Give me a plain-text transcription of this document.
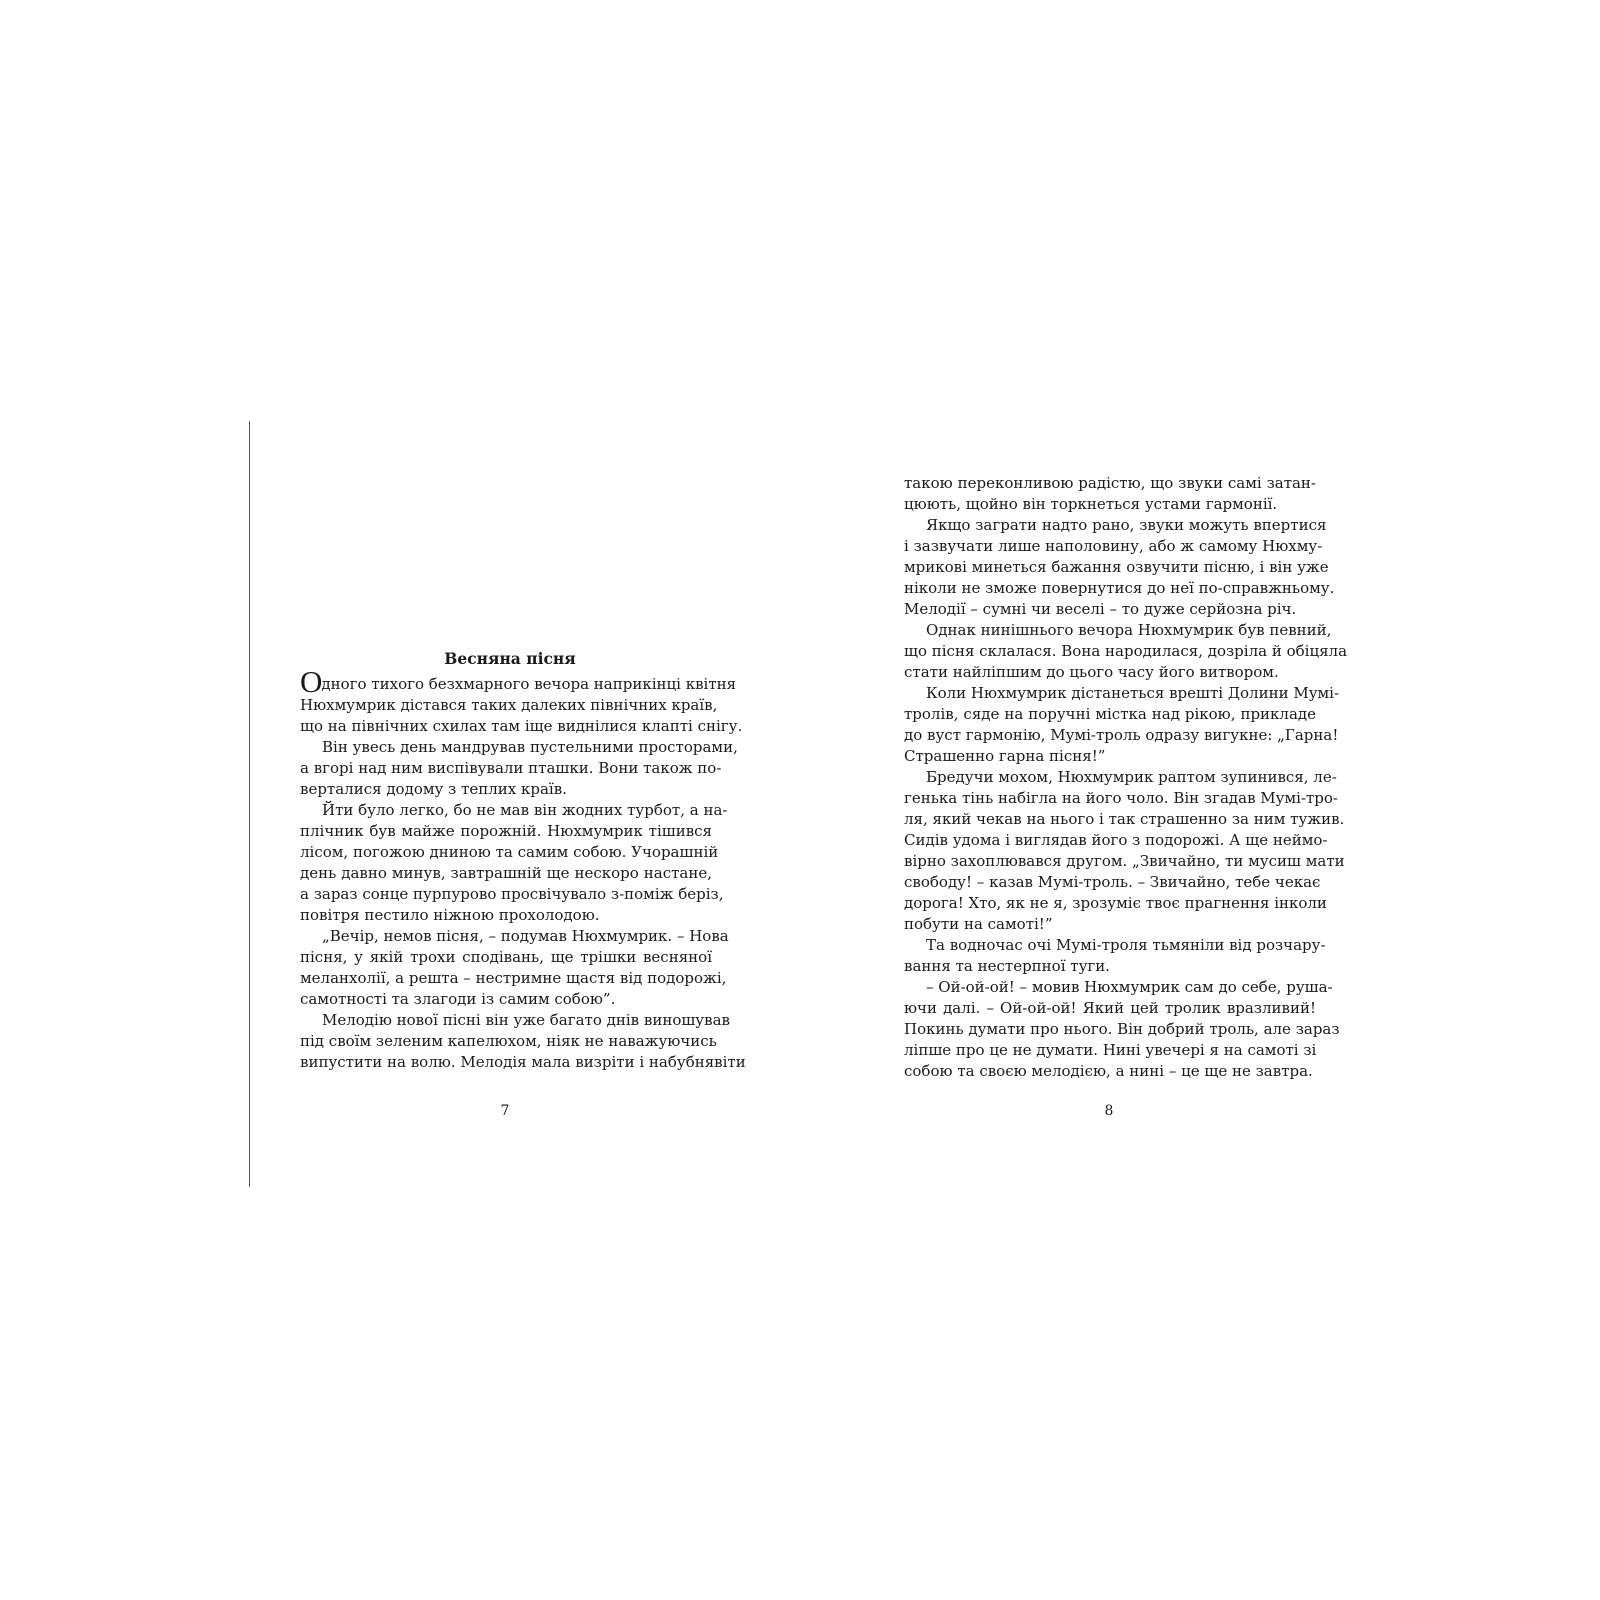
Весняна пісня
Одного тихого безхмарного вечора наприкінці квітня
Нюхмумрик дістався таких далеких північних країв,
що на північних схилах там іще виднілися клапті снігу.
Він увесь день мандрував пустельними просторами,
а вгорі над ним виспівували пташки. Вони також по-
верталися додому з теплих країв.
Йти було легко, бо не мав він жодних турбот, а на-
плічник був майже порожній. Нюхмумрик тішився
лісом, погожою дниною та самим собою. Учорашній
день давно минув, завтрашній ще нескоро настане,
а зараз сонце пурпурово просвічувало з-поміж беріз,
повітря пестило ніжною прохолодою.
„Вечір, немов пісня, – подумав Нюхмумрик. – Нова
пісня, у якій трохи сподівань, ще трішки весняної
меланхолії, а решта – нестримне щастя від подорожі,
самотності та злагоди із самим собою”.
Мелодію нової пісні він уже багато днів виношував
під своїм зеленим капелюхом, ніяк не наважуючись
випустити на волю. Мелодія мала визріти і набубнявіти
такою переконливою радістю, що звуки самі затан-
цюють, щойно він торкнеться устами гармонії.
Якщо заграти надто рано, звуки можуть впертися
і зазвучати лише наполовину, або ж самому Нюхму-
мрикові минеться бажання озвучити пісню, і він уже
ніколи не зможе повернутися до неї по-справжньому.
Мелодії – сумні чи веселі – то дуже серйозна річ.
Однак нинішнього вечора Нюхмумрик був певний,
що пісня склалася. Вона народилася, дозріла й обіцяла
стати найліпшим до цього часу його витвором.
Коли Нюхмумрик дістанеться врешті Долини Мумі-
тролів, сяде на поручні містка над рікою, прикладе
до вуст гармонію, Мумі-троль одразу вигукне: „Гарна!
Страшенно гарна пісня!”
Бредучи мохом, Нюхмумрик раптом зупинився, ле-
генька тінь набігла на його чоло. Він згадав Мумі-тро-
ля, який чекав на нього і так страшенно за ним тужив.
Сидів удома і виглядав його з подорожі. А ще неймо-
вірно захоплювався другом. „Звичайно, ти мусиш мати
свободу! – казав Мумі-троль. – Звичайно, тебе чекає
дорога! Хто, як не я, зрозуміє твоє прагнення інколи
побути на самоті!”
Та водночас очі Мумі-троля тьмяніли від розчару-
вання та нестерпної туги.
– Ой-ой-ой! – мовив Нюхмумрик сам до себе, руша-
ючи далі. – Ой-ой-ой! Який цей тролик вразливий!
Покинь думати про нього. Він добрий троль, але зараз
ліпше про це не думати. Нині увечері я на самоті зі
собою та своєю мелодією, а нині – це ще не завтра.
7	8
